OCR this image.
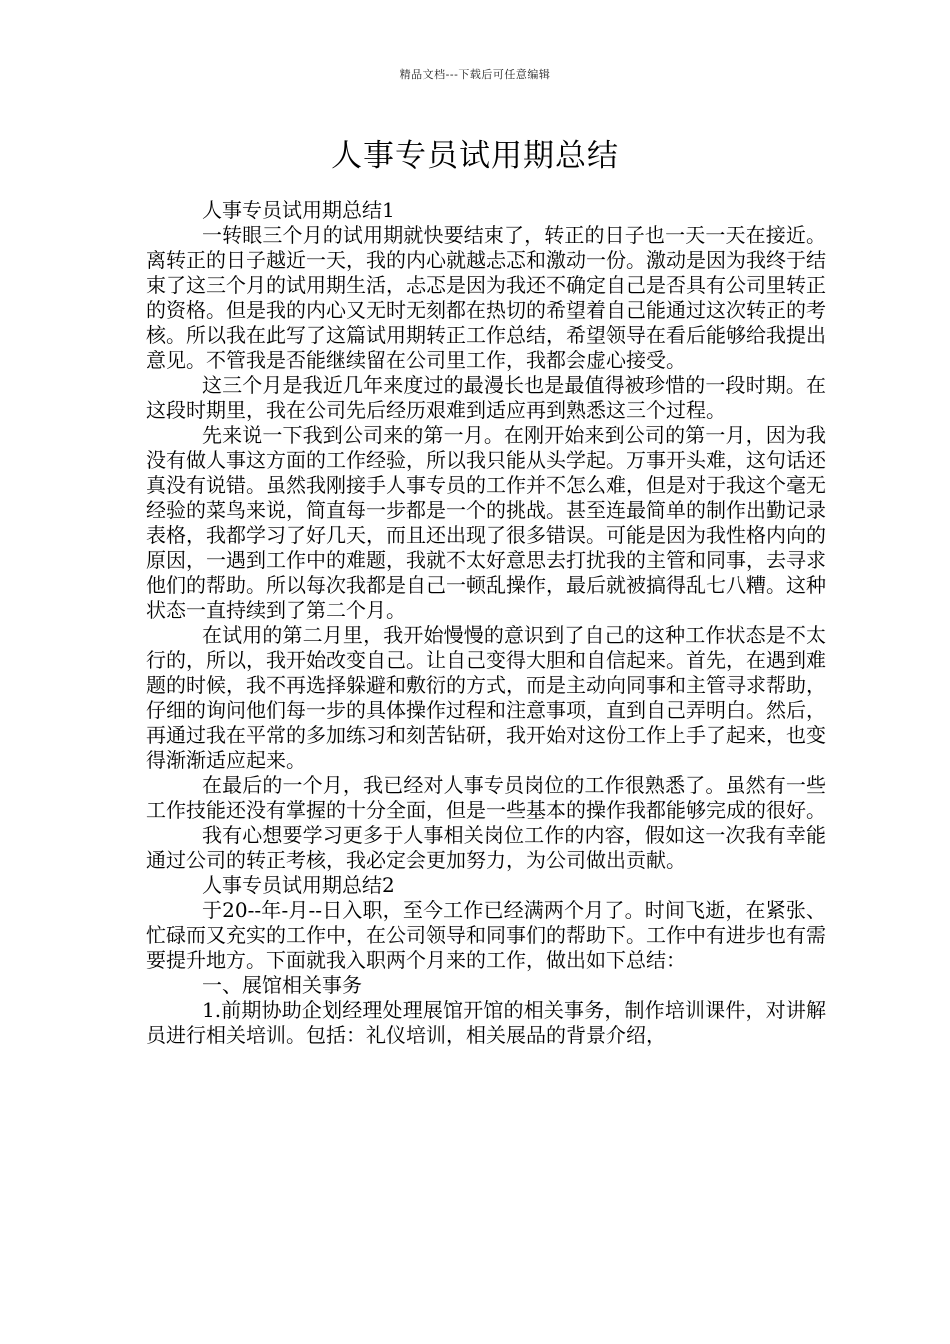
精品文档---下载后可任意编辑
人事专员试用期总结

人事专员试用期总结1

一转眼三个月的试用期就快要结束了，转正的日子也一天一天在接近。离转正的日子越近一天，我的内心就越忐忑和激动一份。激动是因为我终于结束了这三个月的试用期生活，忐忑是因为我还不确定自己是否具有公司里转正的资格。但是我的内心又无时无刻都在热切的希望着自己能通过这次转正的考核。所以我在此写了这篇试用期转正工作总结，希望领导在看后能够给我提出意见。不管我是否能继续留在公司里工作，我都会虚心接受。

这三个月是我近几年来度过的最漫长也是最值得被珍惜的一段时期。在这段时期里，我在公司先后经历艰难到适应再到熟悉这三个过程。

先来说一下我到公司来的第一月。在刚开始来到公司的第一月，因为我没有做人事这方面的工作经验，所以我只能从头学起。万事开头难，这句话还真没有说错。虽然我刚接手人事专员的工作并不怎么难，但是对于我这个毫无经验的菜鸟来说，简直每一步都是一个的挑战。甚至连最简单的制作出勤记录表格，我都学习了好几天，而且还出现了很多错误。可能是因为我性格内向的原因，一遇到工作中的难题，我就不太好意思去打扰我的主管和同事，去寻求他们的帮助。所以每次我都是自己一顿乱操作，最后就被搞得乱七八糟。这种状态一直持续到了第二个月。

在试用的第二月里，我开始慢慢的意识到了自己的这种工作状态是不太行的，所以，我开始改变自己。让自己变得大胆和自信起来。首先，在遇到难题的时候，我不再选择躲避和敷衍的方式，而是主动向同事和主管寻求帮助，仔细的询问他们每一步的具体操作过程和注意事项，直到自己弄明白。然后，再通过我在平常的多加练习和刻苦钻研，我开始对这份工作上手了起来，也变得渐渐适应起来。

在最后的一个月，我已经对人事专员岗位的工作很熟悉了。虽然有一些工作技能还没有掌握的十分全面，但是一些基本的操作我都能够完成的很好。

我有心想要学习更多于人事相关岗位工作的内容，假如这一次我有幸能通过公司的转正考核，我必定会更加努力，为公司做出贡献。

人事专员试用期总结2

于20--年-月--日入职，至今工作已经满两个月了。时间飞逝，在紧张、忙碌而又充实的工作中，在公司领导和同事们的帮助下。工作中有进步也有需要提升地方。下面就我入职两个月来的工作，做出如下总结：

一、展馆相关事务

1.前期协助企划经理处理展馆开馆的相关事务，制作培训课件，对讲解员进行相关培训。包括：礼仪培训，相关展品的背景介绍，
